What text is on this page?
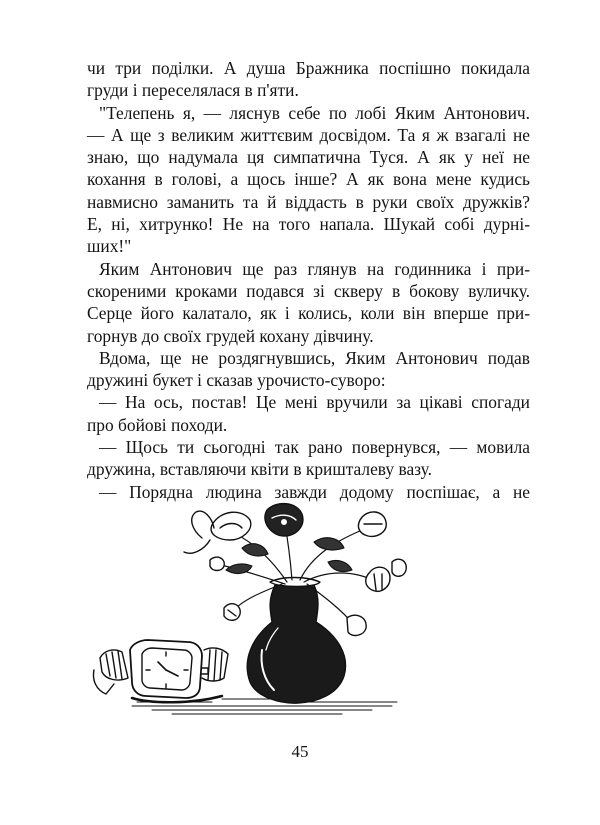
чи три поділки. А душа Бражника поспішно покидала
груди і переселялася в п'яти.
"Телепень я, — ляснув себе по лобі Яким Антонович.
— А ще з великим життєвим досвідом. Та я ж взагалі не
знаю, що надумала ця симпатична Туся. А як у неї не
кохання в голові, а щось інше? А як вона мене кудись
навмисно заманить та й віддасть в руки своїх дружків?
Е, ні, хитрунко! Не на того напала. Шукай собі дурні-
ших!"
Яким Антонович ще раз глянув на годинника і при-
скореними кроками подався зі скверу в бокову вуличку.
Серце його калатало, як і колись, коли він вперше при-
горнув до своїх грудей кохану дівчину.
Вдома, ще не роздягнувшись, Яким Антонович подав
дружині букет і сказав урочисто-суворо:
— На ось, постав! Це мені вручили за цікаві спогади
про бойові походи.
— Щось ти сьогодні так рано повернувся, — мовила
дружина, вставляючи квіти в кришталеву вазу.
— Порядна людина завжди додому поспішає, а не
45
